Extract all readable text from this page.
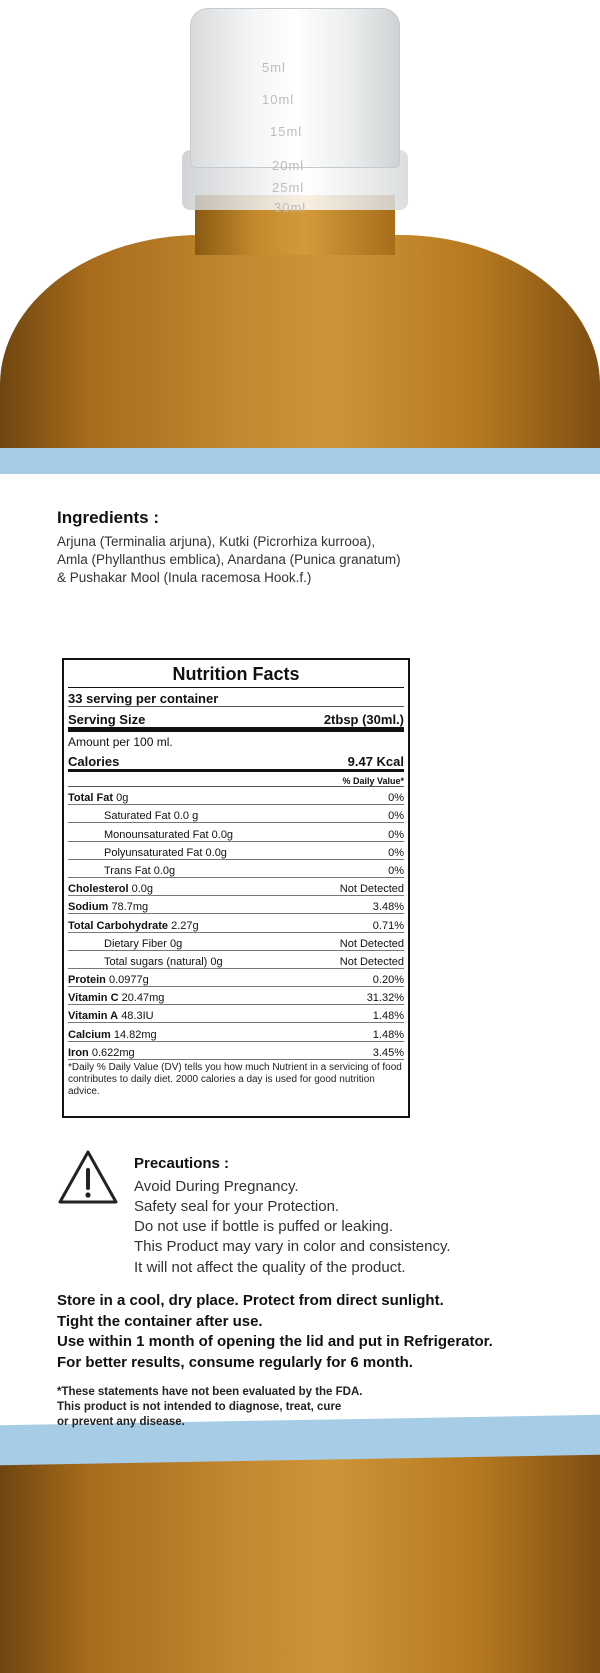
5ml
10ml
15ml
20ml
25ml
30ml
Ingredients :
Arjuna (Terminalia arjuna), Kutki (Picrorhiza kurrooa),
Amla (Phyllanthus emblica), Anardana (Punica granatum)
& Pushakar Mool (Inula racemosa Hook.f.)
Nutrition Facts
33 serving per container
Serving Size	2tbsp (30ml.)
Amount per 100 ml.
Calories	9.47 Kcal
% Daily Value*
Total Fat 0g	0%
Saturated Fat 0.0 g	0%
Monounsaturated Fat 0.0g	0%
Polyunsaturated Fat 0.0g	0%
Trans Fat 0.0g	0%
Cholesterol 0.0g	Not Detected
Sodium 78.7mg	3.48%
Total Carbohydrate 2.27g	0.71%
Dietary Fiber 0g	Not Detected
Total sugars (natural) 0g	Not Detected
Protein 0.0977g	0.20%
Vitamin C 20.47mg	31.32%
Vitamin A 48.3IU	1.48%
Calcium 14.82mg	1.48%
Iron 0.622mg	3.45%
*Daily % Daily Value (DV) tells you how much Nutrient in a servicing of food contributes to daily diet. 2000 calories a day is used for good nutrition advice.
Precautions :
Avoid During Pregnancy.
Safety seal for your Protection.
Do not use if bottle is puffed or leaking.
This Product may vary in color and consistency.
It will not affect the quality of the product.
Store in a cool, dry place. Protect from direct sunlight.
Tight the container after use.
Use within 1 month of opening the lid and put in Refrigerator.
For better results, consume regularly for 6 month.
*These statements have not been evaluated by the FDA.
This product is not intended to diagnose, treat, cure
or prevent any disease.
